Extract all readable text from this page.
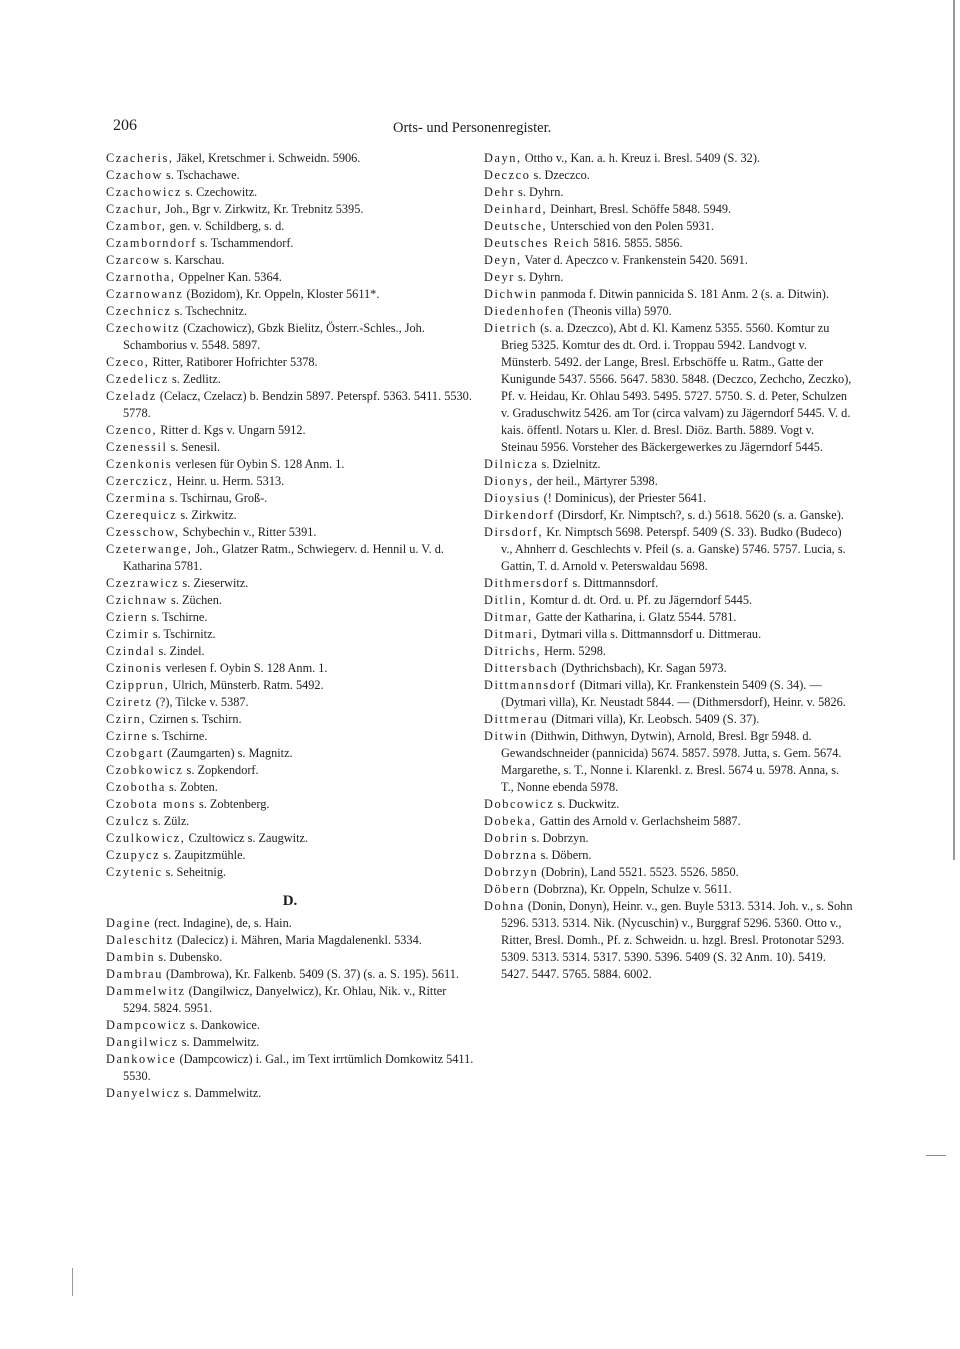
206	Orts- und Personenregister.
Czacheris, Jäkel, Kretschmer i. Schweidn. 5906.
Czachow s. Tschachawe.
Czachowicz s. Czechowitz.
Czachur, Joh., Bgr v. Zirkwitz, Kr. Trebnitz 5395.
Czambor, gen. v. Schildberg, s. d.
Czamborndorf s. Tschammendorf.
Czarcow s. Karschau.
Czarnotha, Oppelner Kan. 5364.
Czarnowanz (Bozidom), Kr. Oppeln, Kloster 5611*.
Czechnicz s. Tschechnitz.
Czechowitz (Czachowicz), Gbzk Bielitz, Österr.-Schles., Joh. Schamborius v. 5548. 5897.
Czeco, Ritter, Ratiborer Hofrichter 5378.
Czedelicz s. Zedlitz.
Czeladz (Celacz, Czelacz) b. Bendzin 5897. Peterspf. 5363. 5411. 5530. 5778.
Czenco, Ritter d. Kgs v. Ungarn 5912.
Czenessil s. Senesil.
Czenkonis verlesen für Oybin S. 128 Anm. 1.
Czerczicz, Heinr. u. Herm. 5313.
Czermina s. Tschirnau, Groß-.
Czerequicz s. Zirkwitz.
Czesschow, Schybechin v., Ritter 5391.
Czeterwange, Joh., Glatzer Ratm., Schwiegerv. d. Hennil u. V. d. Katharina 5781.
Czezrawicz s. Zieserwitz.
Czichnaw s. Züchen.
Cziern s. Tschirne.
Czimir s. Tschirnitz.
Czindal s. Zindel.
Czinonis verlesen f. Oybin S. 128 Anm. 1.
Czipprun, Ulrich, Münsterb. Ratm. 5492.
Cziretz (?), Tilcke v. 5387.
Czirn, Czirnen s. Tschirn.
Czirne s. Tschirne.
Czobgart (Zaumgarten) s. Magnitz.
Czobkowicz s. Zopkendorf.
Czobotha s. Zobten.
Czobota mons s. Zobtenberg.
Czulcz s. Zülz.
Czulkowicz, Czultowicz s. Zaugwitz.
Czupycz s. Zaupitzmühle.
Czytenic s. Seheitnig.
D.
Dagine (rect. Indagine), de, s. Hain.
Daleschitz (Dalecicz) i. Mähren, Maria Magdalenenkl. 5334.
Dambin s. Dubensko.
Dambrau (Dambrowa), Kr. Falkenb. 5409 (S. 37) (s. a. S. 195). 5611.
Dammelwitz (Dangilwicz, Danyelwicz), Kr. Ohlau, Nik. v., Ritter 5294. 5824. 5951.
Dampcowicz s. Dankowice.
Dangilwicz s. Dammelwitz.
Dankowice (Dampcowicz) i. Gal., im Text irrtümlich Domkowitz 5411. 5530.
Danyelwicz s. Dammelwitz.
Dayn, Ottho v., Kan. a. h. Kreuz i. Bresl. 5409 (S. 32).
Deczco s. Dzeczco.
Dehr s. Dyhrn.
Deinhard, Deinhart, Bresl. Schöffe 5848. 5949.
Deutsche, Unterschied von den Polen 5931.
Deutsches Reich 5816. 5855. 5856.
Deyn, Vater d. Apeczco v. Frankenstein 5420. 5691.
Deyr s. Dyhrn.
Dichwin panmoda f. Ditwin pannicida S. 181 Anm. 2 (s. a. Ditwin).
Diedenhofen (Theonis villa) 5970.
Dietrich (s. a. Dzeczco), Abt d. Kl. Kamenz 5355. 5560. Komtur zu Brieg 5325. Komtur des dt. Ord. i. Troppau 5942. Landvogt v. Münsterb. 5492. der Lange, Bresl. Erbschöffe u. Ratm., Gatte der Kunigunde 5437. 5566. 5647. 5830. 5848. (Deczco, Zechcho, Zeczko), Pf. v. Heidau, Kr. Ohlau 5493. 5495. 5727. 5750. S. d. Peter, Schulzen v. Graduschwitz 5426. am Tor (circa valvam) zu Jägerndorf 5445. V. d. kais. öffentl. Notars u. Kler. d. Bresl. Diöz. Barth. 5889. Vogt v. Steinau 5956. Vorsteher des Bäckergewerkes zu Jägerndorf 5445.
Dilnicza s. Dzielnitz.
Dionys, der heil., Märtyrer 5398.
Dioysius (! Dominicus), der Priester 5641.
Dirkendorf (Dirsdorf, Kr. Nimptsch?, s. d.) 5618. 5620 (s. a. Ganske).
Dirsdorf, Kr. Nimptsch 5698. Peterspf. 5409 (S. 33). Budko (Budeco) v., Ahnherr d. Geschlechts v. Pfeil (s. a. Ganske) 5746. 5757. Lucia, s. Gattin, T. d. Arnold v. Peterswaldau 5698.
Dithmersdorf s. Dittmannsdorf.
Ditlin, Komtur d. dt. Ord. u. Pf. zu Jägerndorf 5445.
Ditmar, Gatte der Katharina, i. Glatz 5544. 5781.
Ditmari, Dytmari villa s. Dittmannsdorf u. Dittmerau.
Ditrichs, Herm. 5298.
Dittersbach (Dythrichsbach), Kr. Sagan 5973.
Dittmannsdorf (Ditmari villa), Kr. Frankenstein 5409 (S. 34). — (Dytmari villa), Kr. Neustadt 5844. — (Dithmersdorf), Heinr. v. 5826.
Dittmerau (Ditmari villa), Kr. Leobsch. 5409 (S. 37).
Ditwin (Dithwin, Dithwyn, Dytwin), Arnold, Bresl. Bgr 5948. d. Gewandschneider (pannicida) 5674. 5857. 5978. Jutta, s. Gem. 5674. Margarethe, s. T., Nonne i. Klarenkl. z. Bresl. 5674 u. 5978. Anna, s. T., Nonne ebenda 5978.
Dobcowicz s. Duckwitz.
Dobeka, Gattin des Arnold v. Gerlachsheim 5887.
Dobrin s. Dobrzyn.
Dobrzna s. Döbern.
Dobrzyn (Dobrin), Land 5521. 5523. 5526. 5850.
Döbern (Dobrzna), Kr. Oppeln, Schulze v. 5611.
Dohna (Donin, Donyn), Heinr. v., gen. Buyle 5313. 5314. Joh. v., s. Sohn 5296. 5313. 5314. Nik. (Nycuschin) v., Burggraf 5296. 5360. Otto v., Ritter, Bresl. Domh., Pf. z. Schweidn. u. hzgl. Bresl. Protonotar 5293. 5309. 5313. 5314. 5317. 5390. 5396. 5409 (S. 32 Anm. 10). 5419. 5427. 5447. 5765. 5884. 6002.
